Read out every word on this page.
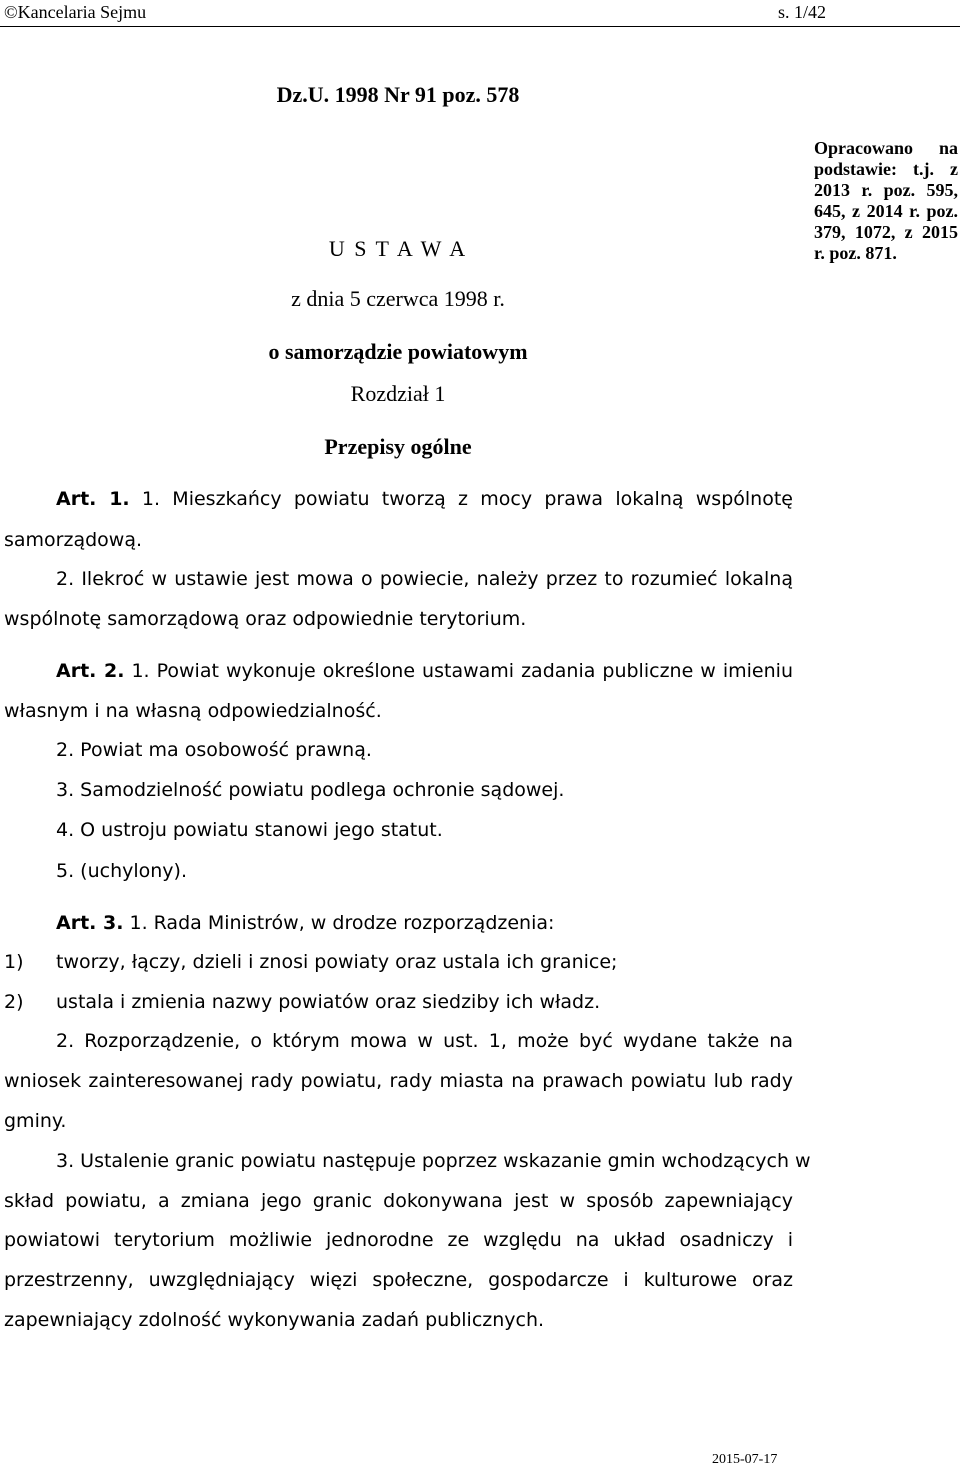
©Kancelaria Sejmu	s. 1/42
Dz.U. 1998 Nr 91 poz. 578
Opracowano na podstawie: t.j. z 2013 r. poz. 595, 645, z 2014 r. poz. 379, 1072, z 2015 r. poz. 871.
U S T A W A
z dnia 5 czerwca 1998 r.
o samorządzie powiatowym
Rozdział 1
Przepisy ogólne
Art. 1. 1. Mieszkańcy powiatu tworzą z mocy prawa lokalną wspólnotę
samorządową.
2. Ilekroć w ustawie jest mowa o powiecie, należy przez to rozumieć lokalną
wspólnotę samorządową oraz odpowiednie terytorium.
Art. 2. 1. Powiat wykonuje określone ustawami zadania publiczne w imieniu
własnym i na własną odpowiedzialność.
2. Powiat ma osobowość prawną.
3. Samodzielność powiatu podlega ochronie sądowej.
4. O ustroju powiatu stanowi jego statut.
5. (uchylony).
Art. 3. 1. Rada Ministrów, w drodze rozporządzenia:
1) tworzy, łączy, dzieli i znosi powiaty oraz ustala ich granice;
2) ustala i zmienia nazwy powiatów oraz siedziby ich władz.
2. Rozporządzenie, o którym mowa w ust. 1, może być wydane także na
wniosek zainteresowanej rady powiatu, rady miasta na prawach powiatu lub rady
gminy.
3. Ustalenie granic powiatu następuje poprzez wskazanie gmin wchodzących w
skład powiatu, a zmiana jego granic dokonywana jest w sposób zapewniający
powiatowi terytorium możliwie jednorodne ze względu na układ osadniczy i
przestrzenny, uwzględniający więzi społeczne, gospodarcze i kulturowe oraz
zapewniający zdolność wykonywania zadań publicznych.
2015-07-17
